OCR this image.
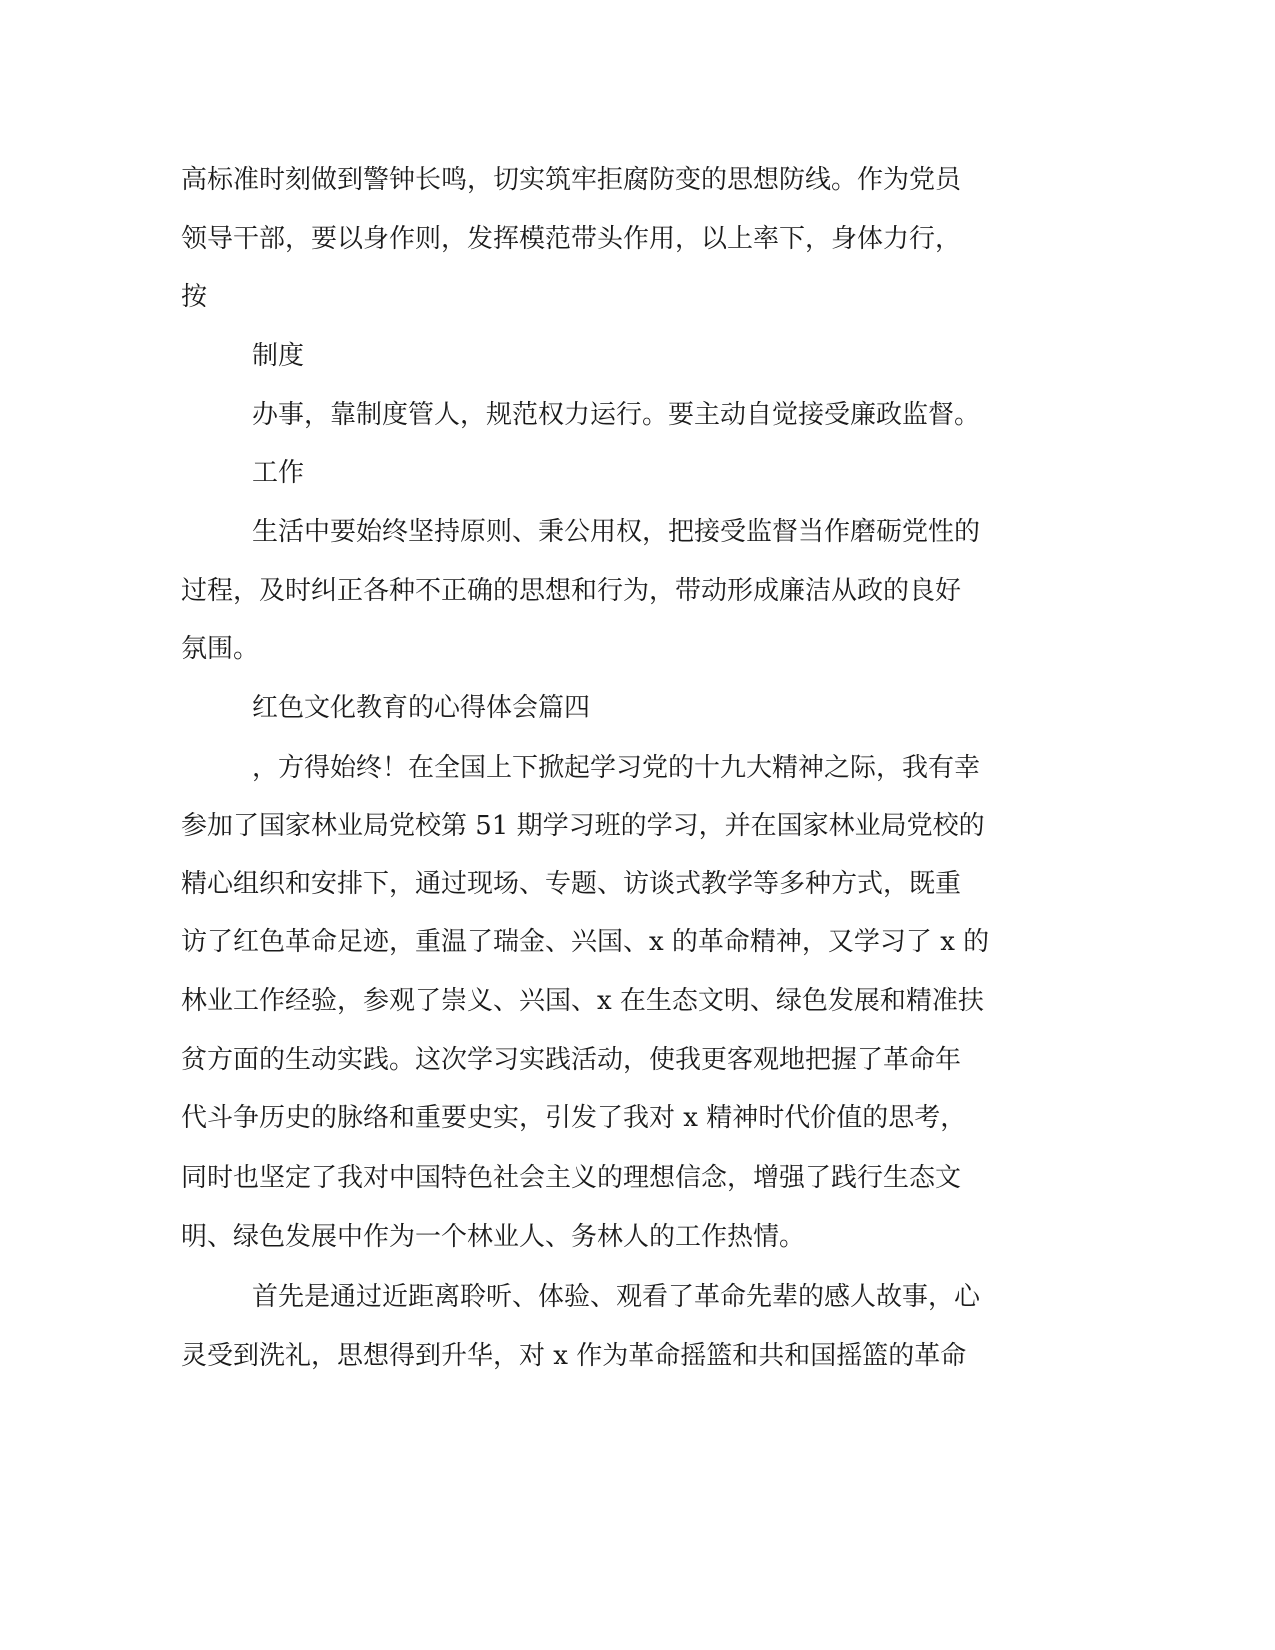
高标准时刻做到警钟长鸣，切实筑牢拒腐防变的思想防线。作为党员

领导干部，要以身作则，发挥模范带头作用，以上率下，身体力行，

按

制度

办事，靠制度管人，规范权力运行。要主动自觉接受廉政监督。

工作

生活中要始终坚持原则、秉公用权，把接受监督当作磨砺党性的

过程，及时纠正各种不正确的思想和行为，带动形成廉洁从政的良好

氛围。

红色文化教育的心得体会篇四

，方得始终！在全国上下掀起学习党的十九大精神之际，我有幸

参加了国家林业局党校第 51 期学习班的学习，并在国家林业局党校的

精心组织和安排下，通过现场、专题、访谈式教学等多种方式，既重

访了红色革命足迹，重温了瑞金、兴国、x 的革命精神，又学习了 x 的

林业工作经验，参观了崇义、兴国、x 在生态文明、绿色发展和精准扶

贫方面的生动实践。这次学习实践活动，使我更客观地把握了革命年

代斗争历史的脉络和重要史实，引发了我对 x 精神时代价值的思考，

同时也坚定了我对中国特色社会主义的理想信念，增强了践行生态文

明、绿色发展中作为一个林业人、务林人的工作热情。

首先是通过近距离聆听、体验、观看了革命先辈的感人故事，心

灵受到洗礼，思想得到升华，对 x 作为革命摇篮和共和国摇篮的革命
